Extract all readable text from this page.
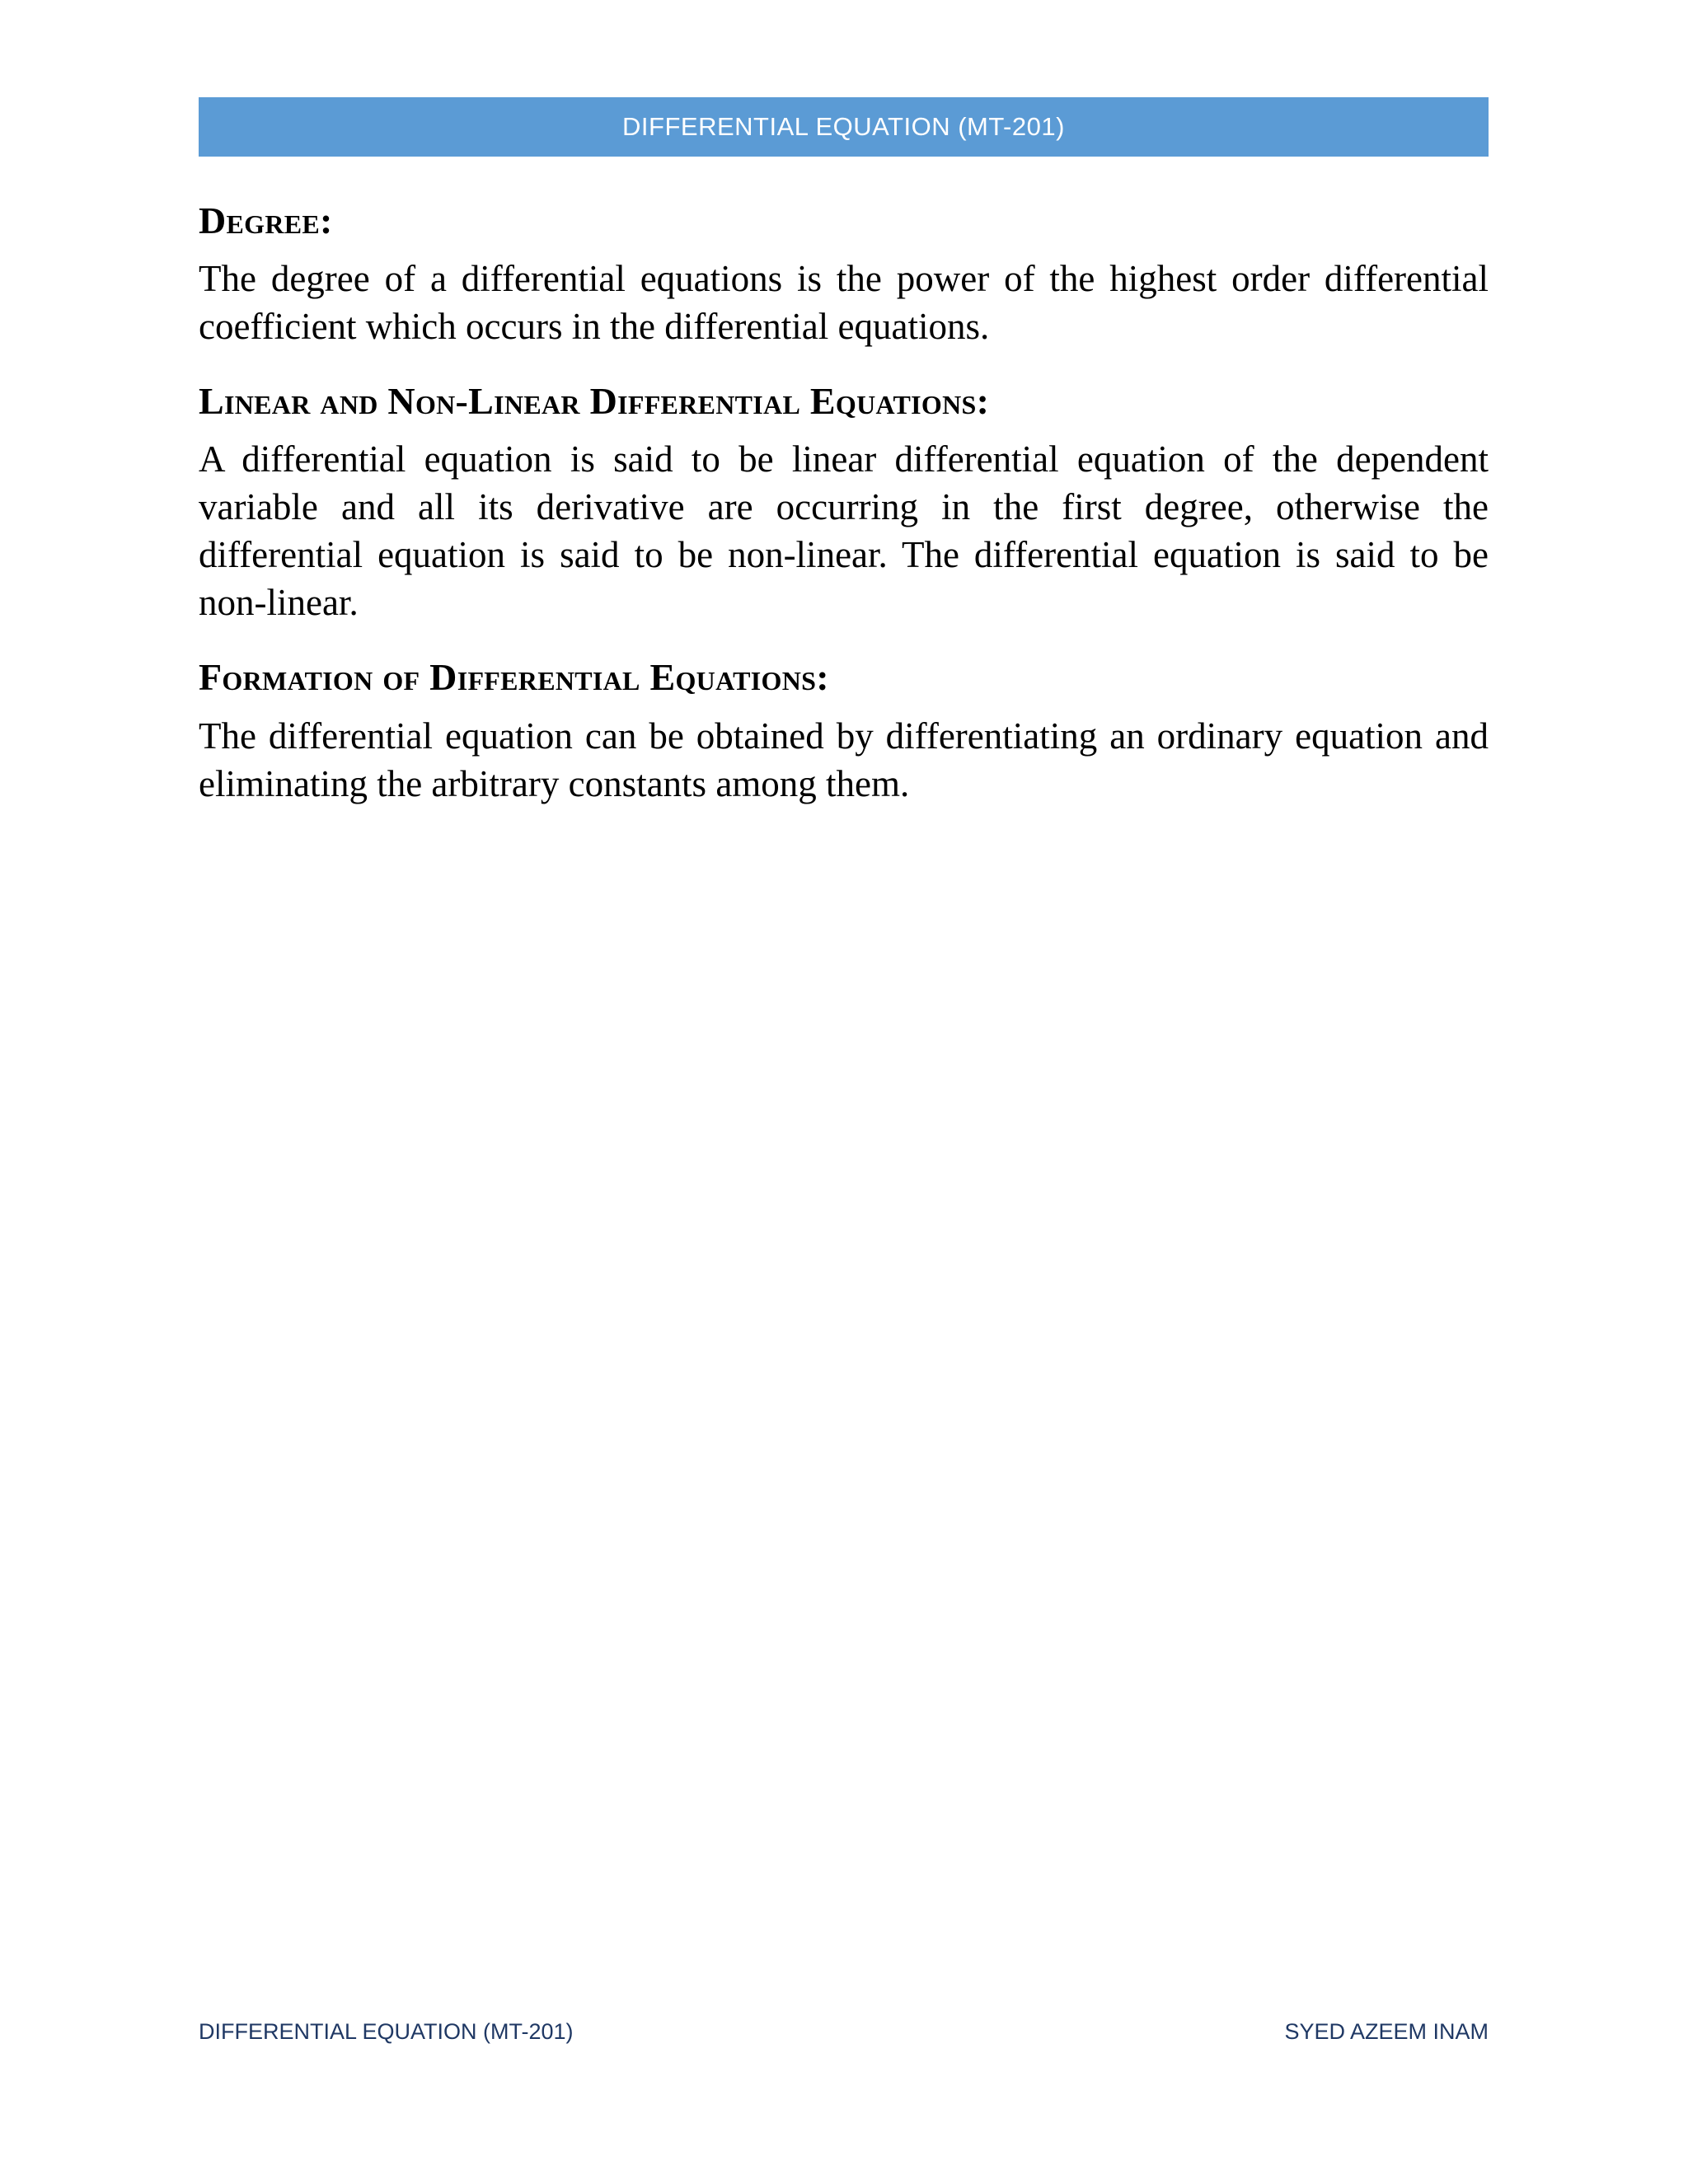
DIFFERENTIAL EQUATION (MT-201)
Degree:

The degree of a differential equations is the power of the highest order differential coefficient which occurs in the differential equations.

Linear and Non-Linear Differential Equations:

A differential equation is said to be linear differential equation of the dependent variable and all its derivative are occurring in the first degree, otherwise the differential equation is said to be non-linear. The differential equation is said to be non-linear.

Formation of Differential Equations:

The differential equation can be obtained by differentiating an ordinary equation and eliminating the arbitrary constants among them.

DIFFERENTIAL EQUATION (MT-201)	SYED AZEEM INAM
